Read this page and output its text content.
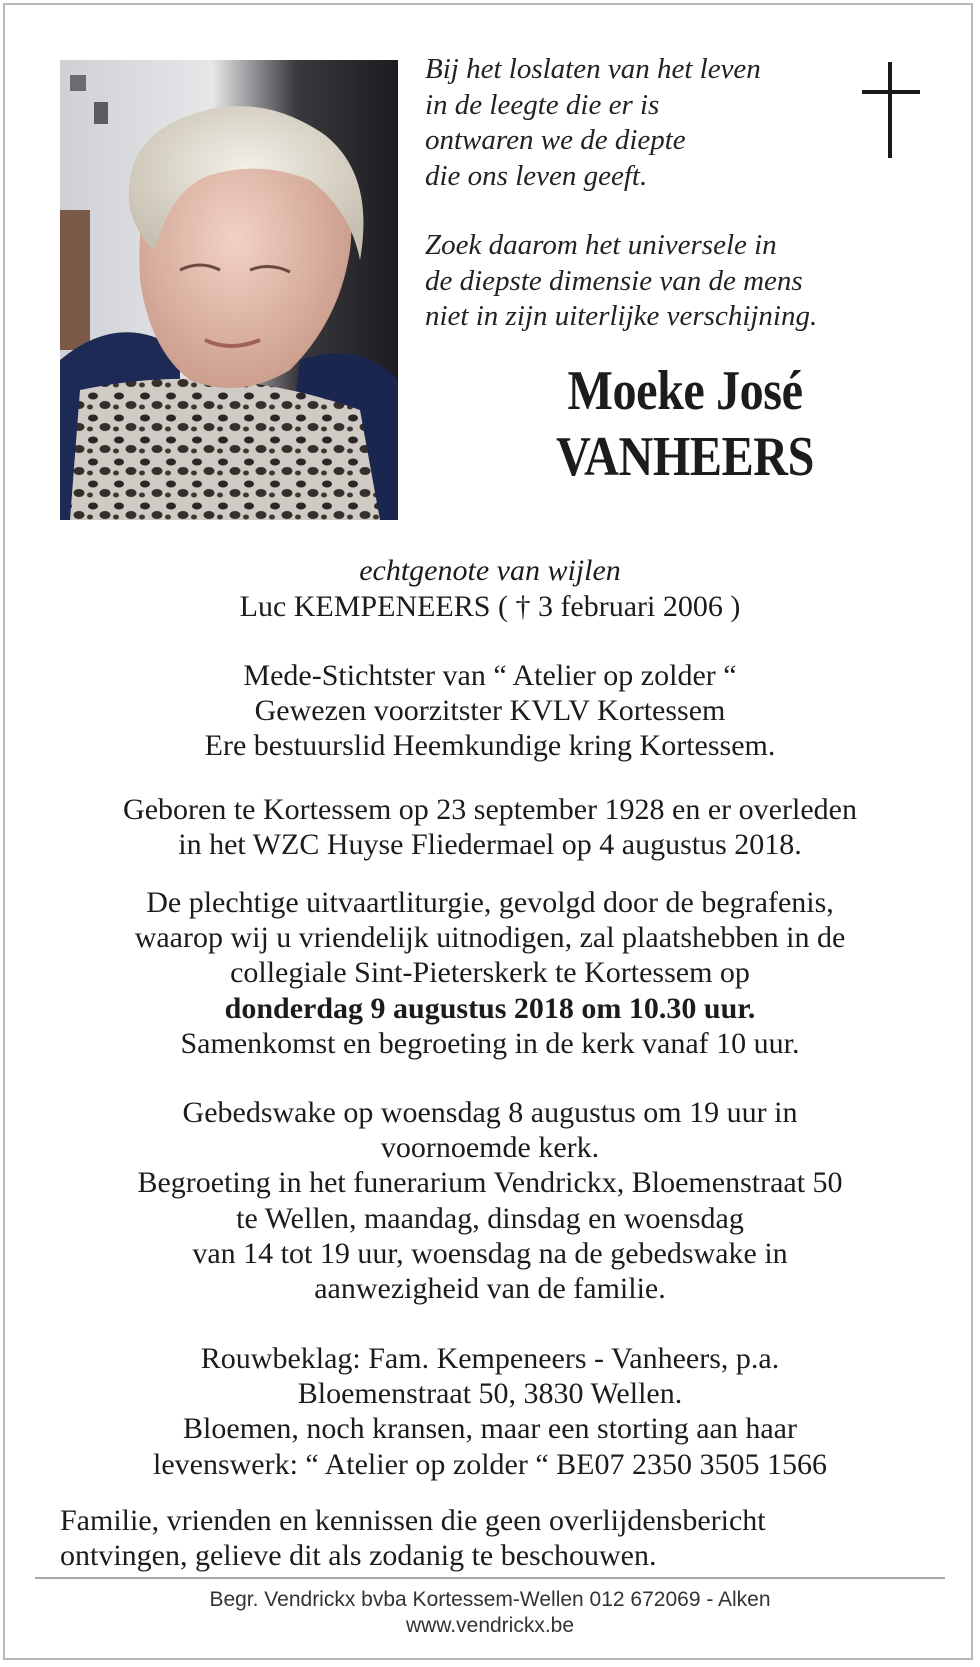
Bij het loslaten van het leven
in de leegte die er is
ontwaren we de diepte
die ons leven geeft.

Zoek daarom het universele in
de diepste dimensie van de mens
niet in zijn uiterlijke verschijning.

Moeke José
VANHEERS
echtgenote van wijlen
Luc KEMPENEERS ( † 3 februari 2006 )
Mede-Stichtster van “ Atelier op zolder “
Gewezen voorzitster KVLV Kortessem
Ere bestuurslid Heemkundige kring Kortessem.
Geboren te Kortessem op 23 september 1928 en er overleden
in het WZC Huyse Fliedermael op 4 augustus 2018.
De plechtige uitvaartliturgie, gevolgd door de begrafenis,
waarop wij u vriendelijk uitnodigen, zal plaatshebben in de
collegiale Sint-Pieterskerk te Kortessem op
donderdag 9 augustus 2018 om 10.30 uur.
Samenkomst en begroeting in de kerk vanaf 10 uur.
Gebedswake op woensdag 8 augustus om 19 uur in
voornoemde kerk.
Begroeting in het funerarium Vendrickx, Bloemenstraat 50
te Wellen, maandag, dinsdag en woensdag
van 14 tot 19 uur, woensdag na de gebedswake in
aanwezigheid van de familie.
Rouwbeklag: Fam. Kempeneers - Vanheers, p.a.
Bloemenstraat 50, 3830 Wellen.
Bloemen, noch kransen, maar een storting aan haar
levenswerk: “ Atelier op zolder “ BE07 2350 3505 1566
Familie, vrienden en kennissen die geen overlijdensbericht
ontvingen, gelieve dit als zodanig te beschouwen.
Begr. Vendrickx bvba Kortessem-Wellen 012 672069 - Alken
www.vendrickx.be
